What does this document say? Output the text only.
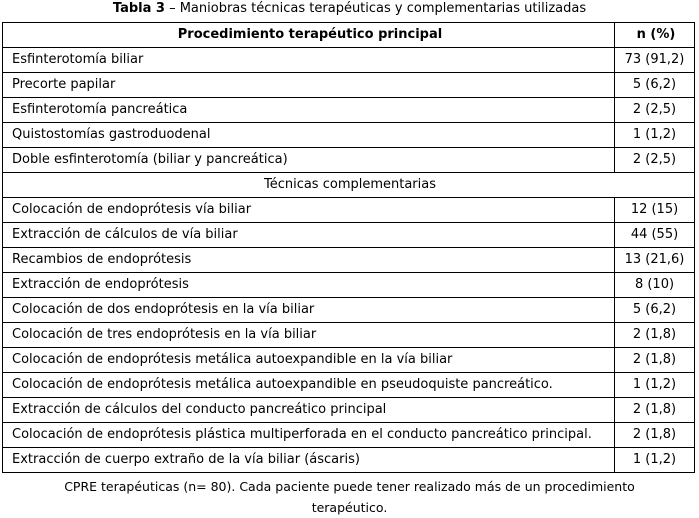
Tabla 3 – Maniobras técnicas terapéuticas y complementarias utilizadas
Procedimiento terapéutico principal	n (%)
Esfinterotomía biliar	73 (91,2)
Precorte papilar	5 (6,2)
Esfinterotomía pancreática	2 (2,5)
Quistostomías gastroduodenal	1 (1,2)
Doble esfinterotomía (biliar y pancreática)	2 (2,5)
Técnicas complementarias	
Colocación de endoprótesis vía biliar	12 (15)
Extracción de cálculos de vía biliar	44 (55)
Recambios de endoprótesis	13 (21,6)
Extracción de endoprótesis	8 (10)
Colocación de dos endoprótesis en la vía biliar	5 (6,2)
Colocación de tres endoprótesis en la vía biliar	2 (1,8)
Colocación de endoprótesis metálica autoexpandible en la vía biliar	2 (1,8)
Colocación de endoprótesis metálica autoexpandible en pseudoquiste pancreático.	1 (1,2)
Extracción de cálculos del conducto pancreático principal	2 (1,8)
Colocación de endoprótesis plástica multiperforada en el conducto pancreático principal.	2 (1,8)
Extracción de cuerpo extraño de la vía biliar (áscaris)	1 (1,2)
CPRE terapéuticas (n= 80). Cada paciente puede tener realizado más de un procedimiento
terapéutico.
